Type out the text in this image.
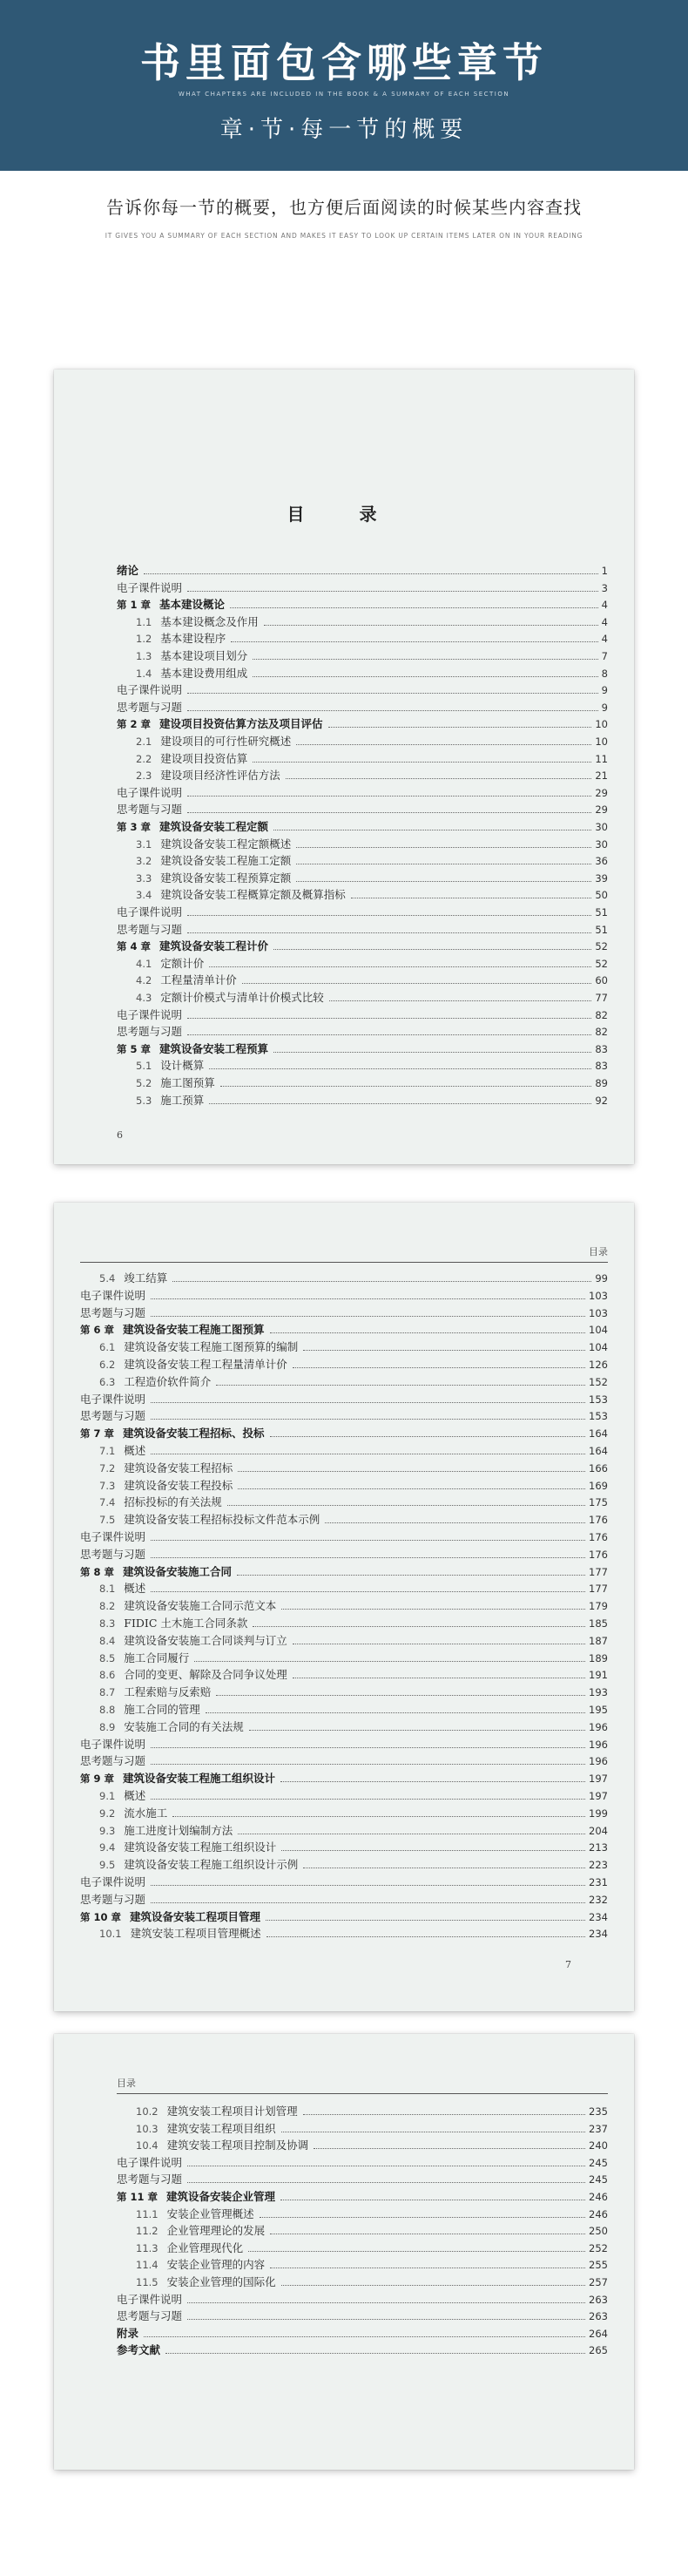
书里面包含哪些章节
WHAT CHAPTERS ARE INCLUDED IN THE BOOK & A SUMMARY OF EACH SECTION
章·节·每一节的概要
告诉你每一节的概要，也方便后面阅读的时候某些内容查找
IT GIVES YOU A SUMMARY OF EACH SECTION AND MAKES IT EASY TO LOOK UP CERTAIN ITEMS LATER ON IN YOUR READING
目 录
绪论	1
电子课件说明	3
第 1 章 基本建设概论	4
1.1 基本建设概念及作用	4
1.2 基本建设程序	4
1.3 基本建设项目划分	7
1.4 基本建设费用组成	8
电子课件说明	9
思考题与习题	9
第 2 章 建设项目投资估算方法及项目评估	10
2.1 建设项目的可行性研究概述	10
2.2 建设项目投资估算	11
2.3 建设项目经济性评估方法	21
电子课件说明	29
思考题与习题	29
第 3 章 建筑设备安装工程定额	30
3.1 建筑设备安装工程定额概述	30
3.2 建筑设备安装工程施工定额	36
3.3 建筑设备安装工程预算定额	39
3.4 建筑设备安装工程概算定额及概算指标	50
电子课件说明	51
思考题与习题	51
第 4 章 建筑设备安装工程计价	52
4.1 定额计价	52
4.2 工程量清单计价	60
4.3 定额计价模式与清单计价模式比较	77
电子课件说明	82
思考题与习题	82
第 5 章 建筑设备安装工程预算	83
5.1 设计概算	83
5.2 施工图预算	89
5.3 施工预算	92
6
目录
5.4 竣工结算	99
电子课件说明	103
思考题与习题	103
第 6 章 建筑设备安装工程施工图预算	104
6.1 建筑设备安装工程施工图预算的编制	104
6.2 建筑设备安装工程工程量清单计价	126
6.3 工程造价软件简介	152
电子课件说明	153
思考题与习题	153
第 7 章 建筑设备安装工程招标、投标	164
7.1 概述	164
7.2 建筑设备安装工程招标	166
7.3 建筑设备安装工程投标	169
7.4 招标投标的有关法规	175
7.5 建筑设备安装工程招标投标文件范本示例	176
电子课件说明	176
思考题与习题	176
第 8 章 建筑设备安装施工合同	177
8.1 概述	177
8.2 建筑设备安装施工合同示范文本	179
8.3 FIDIC 土木施工合同条款	185
8.4 建筑设备安装施工合同谈判与订立	187
8.5 施工合同履行	189
8.6 合同的变更、解除及合同争议处理	191
8.7 工程索赔与反索赔	193
8.8 施工合同的管理	195
8.9 安装施工合同的有关法规	196
电子课件说明	196
思考题与习题	196
第 9 章 建筑设备安装工程施工组织设计	197
9.1 概述	197
9.2 流水施工	199
9.3 施工进度计划编制方法	204
9.4 建筑设备安装工程施工组织设计	213
9.5 建筑设备安装工程施工组织设计示例	223
电子课件说明	231
思考题与习题	232
第 10 章 建筑设备安装工程项目管理	234
10.1 建筑安装工程项目管理概述	234
7
目录
10.2 建筑安装工程项目计划管理	235
10.3 建筑安装工程项目组织	237
10.4 建筑安装工程项目控制及协调	240
电子课件说明	245
思考题与习题	245
第 11 章 建筑设备安装企业管理	246
11.1 安装企业管理概述	246
11.2 企业管理理论的发展	250
11.3 企业管理现代化	252
11.4 安装企业管理的内容	255
11.5 安装企业管理的国际化	257
电子课件说明	263
思考题与习题	263
附录	264
参考文献	265
